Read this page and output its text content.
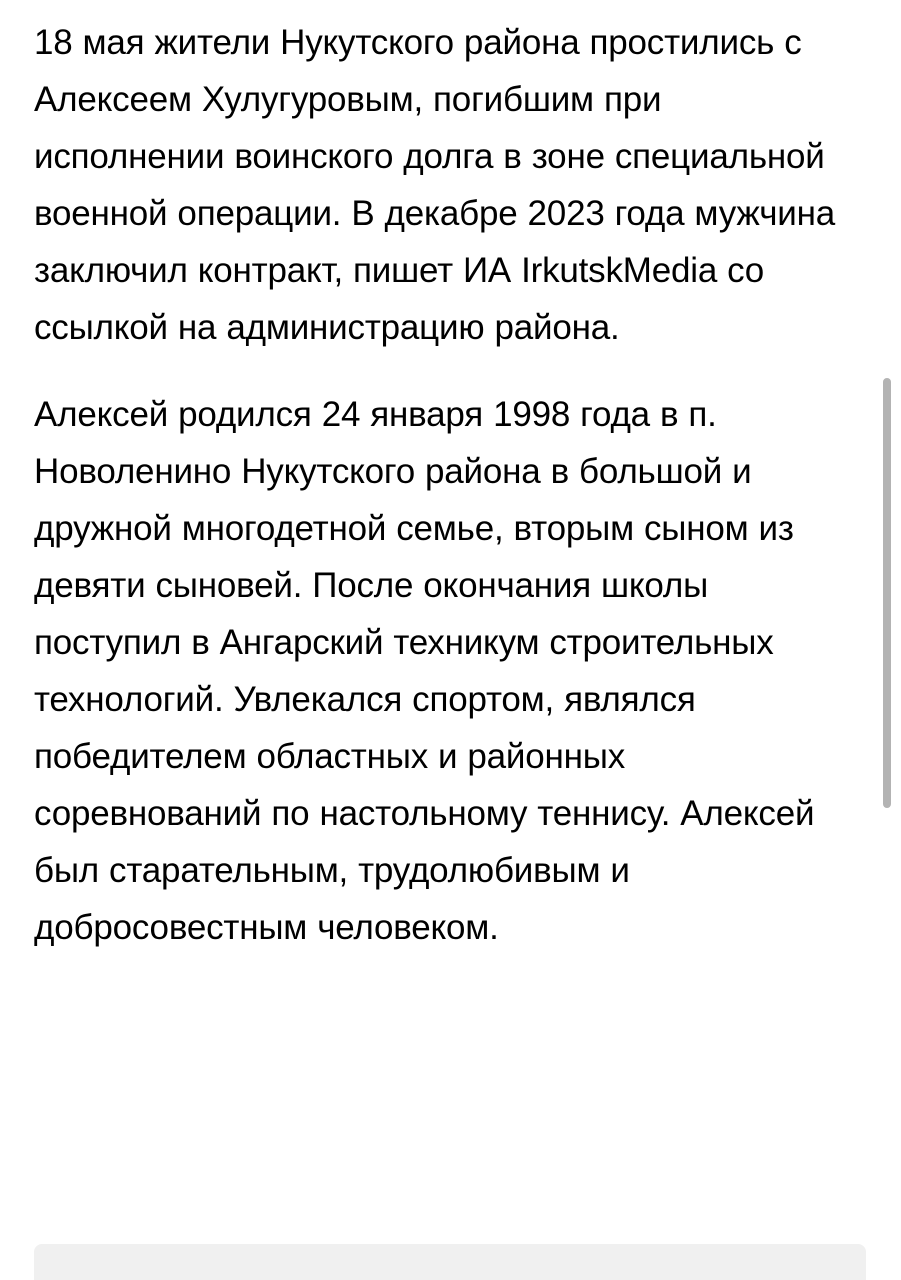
18 мая жители Нукутского района простились с Алексеем Хулугуровым, погибшим при исполнении воинского долга в зоне специальной военной операции. В декабре 2023 года мужчина заключил контракт, пишет ИА IrkutskMedia со ссылкой на администрацию района.

Алексей родился 24 января 1998 года в п. Новоленино Нукутского района в большой и дружной многодетной семье, вторым сыном из девяти сыновей. После окончания школы поступил в Ангарский техникум строительных технологий. Увлекался спортом, являлся победителем областных и районных соревнований по настольному теннису. Алексей был старательным, трудолюбивым и добросовестным человеком.
